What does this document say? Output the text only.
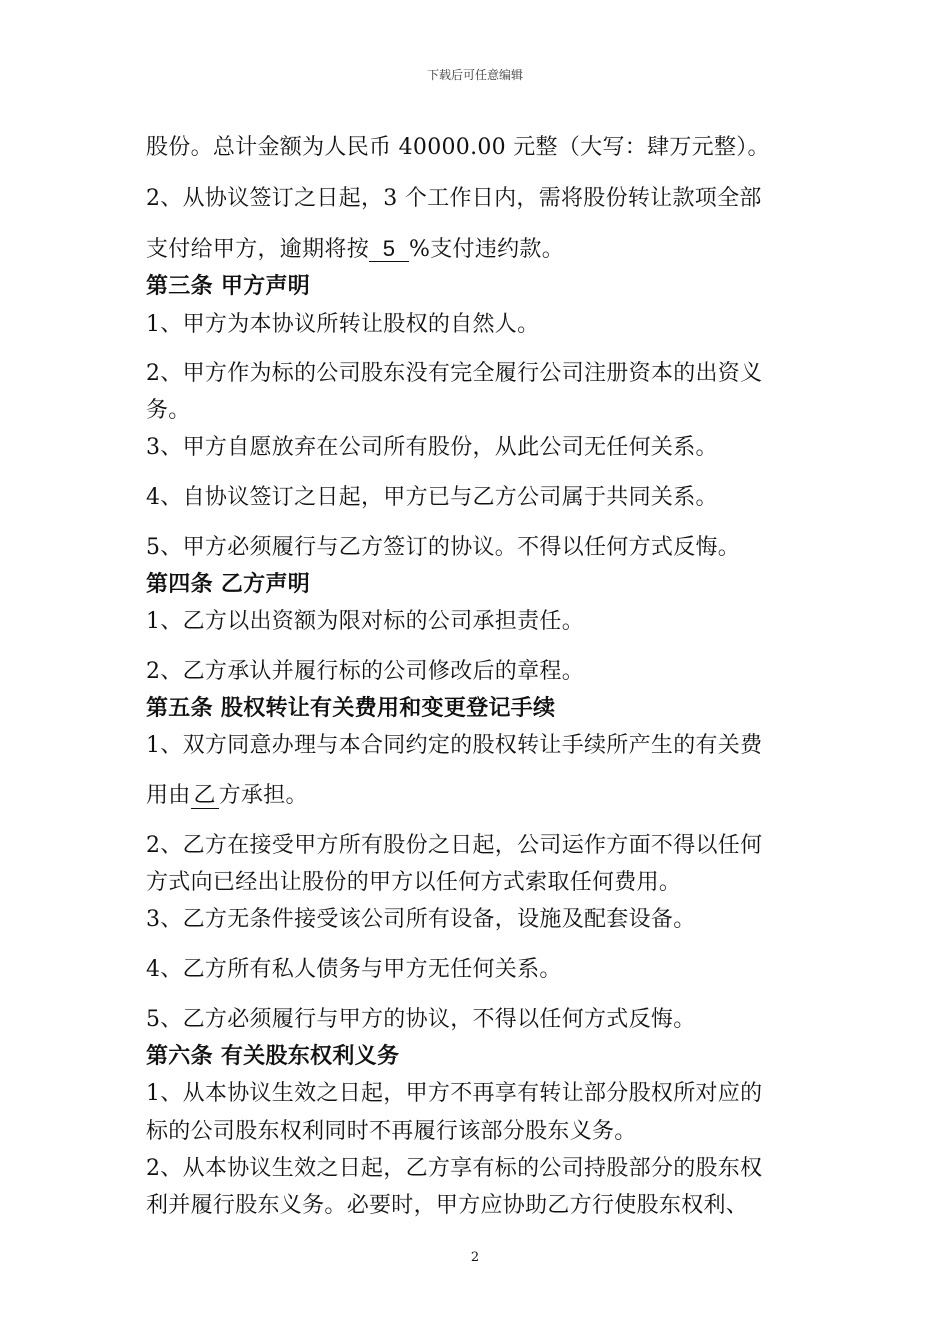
下载后可任意编辑
股份。总计金额为人民币 40000.00 元整（大写：肆万元整）。
2、从协议签订之日起，3 个工作日内，需将股份转让款项全部
支付给甲方，逾期将按 5 %支付违约款。
第三条 甲方声明
1、甲方为本协议所转让股权的自然人。
2、甲方作为标的公司股东没有完全履行公司注册资本的出资义
务。
3、甲方自愿放弃在公司所有股份，从此公司无任何关系。
4、自协议签订之日起，甲方已与乙方公司属于共同关系。
5、甲方必须履行与乙方签订的协议。不得以任何方式反悔。
第四条 乙方声明
1、乙方以出资额为限对标的公司承担责任。
2、乙方承认并履行标的公司修改后的章程。
第五条 股权转让有关费用和变更登记手续
1、双方同意办理与本合同约定的股权转让手续所产生的有关费
用由 乙 方承担。
2、乙方在接受甲方所有股份之日起，公司运作方面不得以任何
方式向已经出让股份的甲方以任何方式索取任何费用。
3、乙方无条件接受该公司所有设备，设施及配套设备。
4、乙方所有私人债务与甲方无任何关系。
5、乙方必须履行与甲方的协议，不得以任何方式反悔。
第六条 有关股东权利义务
1、从本协议生效之日起，甲方不再享有转让部分股权所对应的
标的公司股东权利同时不再履行该部分股东义务。
2、从本协议生效之日起，乙方享有标的公司持股部分的股东权
利并履行股东义务。必要时，甲方应协助乙方行使股东权利、
2
